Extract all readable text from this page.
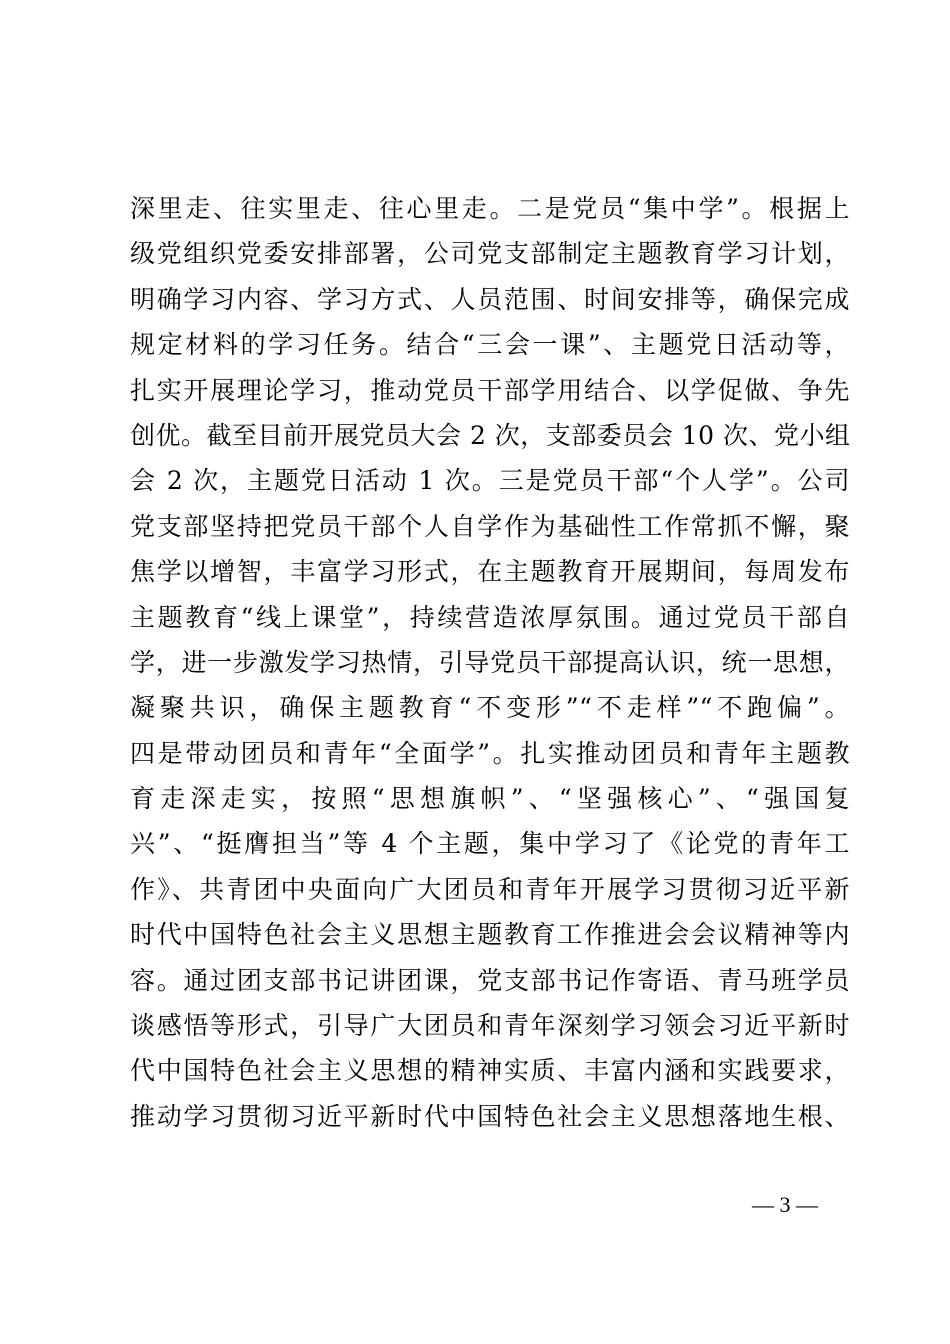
深里走、往实里走、往心里走。二是党员“集中学”。根据上
级党组织党委安排部署，公司党支部制定主题教育学习计划，
明确学习内容、学习方式、人员范围、时间安排等，确保完成
规定材料的学习任务。结合“三会一课”、主题党日活动等，
扎实开展理论学习，推动党员干部学用结合、以学促做、争先
创优。截至目前开展党员大会 2 次，支部委员会 10 次、党小组
会 2 次，主题党日活动 1 次。三是党员干部“个人学”。公司
党支部坚持把党员干部个人自学作为基础性工作常抓不懈，聚
焦学以增智，丰富学习形式，在主题教育开展期间，每周发布
主题教育“线上课堂”，持续营造浓厚氛围。通过党员干部自
学，进一步激发学习热情，引导党员干部提高认识，统一思想，
凝聚共识，确保主题教育“不变形”“不走样”“不跑偏”。
四是带动团员和青年“全面学”。扎实推动团员和青年主题教
育走深走实，按照“思想旗帜”、“坚强核心”、“强国复
兴”、“挺膺担当”等 4 个主题，集中学习了《论党的青年工
作》、共青团中央面向广大团员和青年开展学习贯彻习近平新
时代中国特色社会主义思想主题教育工作推进会会议精神等内
容。通过团支部书记讲团课，党支部书记作寄语、青马班学员
谈感悟等形式，引导广大团员和青年深刻学习领会习近平新时
代中国特色社会主义思想的精神实质、丰富内涵和实践要求，
推动学习贯彻习近平新时代中国特色社会主义思想落地生根、
— 3 —
